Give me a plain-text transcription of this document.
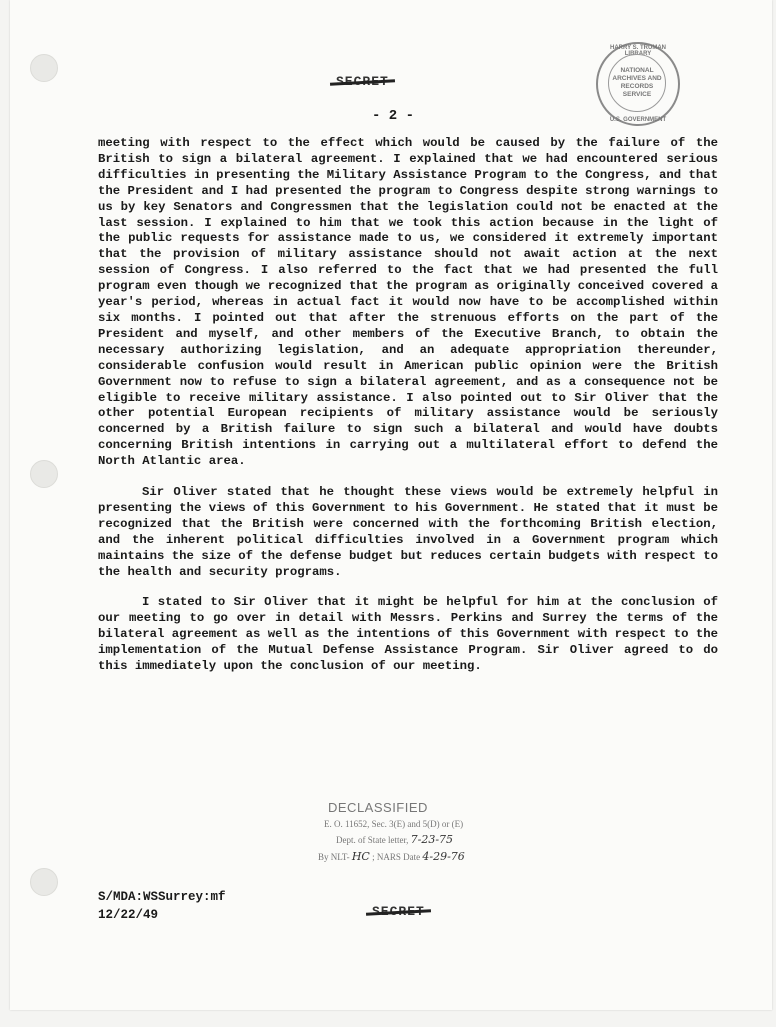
- 2 -
HARRY S. TRUMAN LIBRARY
NATIONAL
ARCHIVES AND
RECORDS
SERVICE
U.S. GOVERNMENT

meeting with respect to the effect which would be caused by the failure of the British to sign a bilateral agreement. I explained that we had encountered serious difficulties in presenting the Military Assistance Program to the Congress, and that the President and I had presented the program to Congress despite strong warnings to us by key Senators and Congressmen that the legislation could not be enacted at the last session. I explained to him that we took this action because in the light of the public requests for assistance made to us, we considered it extremely important that the provision of military assistance should not await action at the next session of Congress. I also referred to the fact that we had presented the full program even though we recognized that the program as originally conceived covered a year's period, whereas in actual fact it would now have to be accomplished within six months. I pointed out that after the strenuous efforts on the part of the President and myself, and other members of the Executive Branch, to obtain the necessary authorizing legislation, and an adequate appropriation thereunder, considerable confusion would result in American public opinion were the British Government now to refuse to sign a bilateral agreement, and as a consequence not be eligible to receive military assistance. I also pointed out to Sir Oliver that the other potential European recipients of military assistance would be seriously concerned by a British failure to sign such a bilateral and would have doubts concerning British intentions in carrying out a multilateral effort to defend the North Atlantic area.

Sir Oliver stated that he thought these views would be extremely helpful in presenting the views of this Government to his Government. He stated that it must be recognized that the British were concerned with the forthcoming British election, and the inherent political difficulties involved in a Government program which maintains the size of the defense budget but reduces certain budgets with respect to the health and security programs.

I stated to Sir Oliver that it might be helpful for him at the conclusion of our meeting to go over in detail with Messrs. Perkins and Surrey the terms of the bilateral agreement as well as the intentions of this Government with respect to the implementation of the Mutual Defense Assistance Program. Sir Oliver agreed to do this immediately upon the conclusion of our meeting.

DECLASSIFIED
E. O. 11652, Sec. 3(E) and 5(D) or (E)
Dept. of State letter, 7-23-75
By NLT- HC ; NARS Date 4-29-76
S/MDA:WSSurrey:mf
12/22/49
